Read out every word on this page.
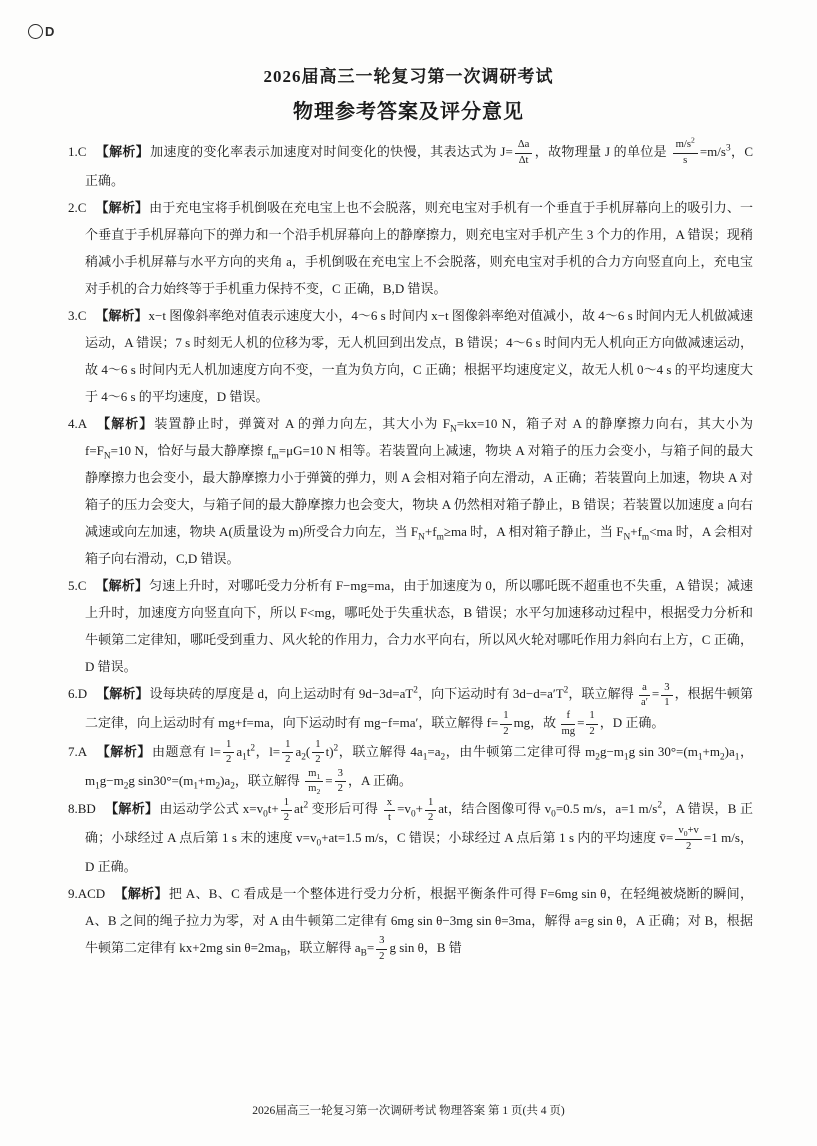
D
2026届高三一轮复习第一次调研考试
物理参考答案及评分意见

1.C 【解析】加速度的变化率表示加速度对时间变化的快慢，其表达式为 $J= \frac{\Delta a}{\Delta t}$ ，故物理量 J 的单位是 $\frac{m/s^2}{s} =m/s^3$，C 正确。

2.C 【解析】由于充电宝将手机倒吸在充电宝上也不会脱落，则充电宝对手机有一个垂直于手机屏幕向上的吸引力、一个垂直于手机屏幕向下的弹力和一个沿手机屏幕向上的静摩擦力，则充电宝对手机产生 3 个力的作用，A 错误；现稍稍减小手机屏幕与水平方向的夹角 a，手机倒吸在充电宝上不会脱落，则充电宝对手机的合力方向竖直向上，充电宝对手机的合力始终等于手机重力保持不变，C 正确，B,D 错误。

3.C 【解析】x−t 图像斜率绝对值表示速度大小，4～6 s 时间内 x−t 图像斜率绝对值减小，故 4～6 s 时间内无人机做减速运动，A 错误；7 s 时刻无人机的位移为零，无人机回到出发点，B 错误；4～6 s 时间内无人机向正方向做减速运动，故 4～6 s 时间内无人机加速度方向不变，一直为负方向，C 正确；根据平均速度定义，故无人机 0～4 s 的平均速度大于 4～6 s 的平均速度，D 错误。

4.A 【解析】装置静止时，弹簧对 A 的弹力向左，其大小为 $F_N=kx=10$ N，箱子对 A 的静摩擦力向右，其大小为 $f=F_N=10$ N，恰好与最大静摩擦 $f_m=\mu G=10$ N 相等。若装置向上减速，物块 A 对箱子的压力会变小，与箱子间的最大静摩擦力也会变小，最大静摩擦力小于弹簧的弹力，则 A 会相对箱子向左滑动，A 正确；若装置向上加速，物块 A 对箱子的压力会变大，与箱子间的最大静摩擦力也会变大，物块 A 仍然相对箱子静止，B 错误；若装置以加速度 a 向右减速或向左加速，物块 A(质量设为 m)所受合力向左，当 $F_N+f_m\ge ma$ 时，A 相对箱子静止，当 $F_N+f_m<ma$ 时，A 会相对箱子向右滑动，C,D 错误。

5.C 【解析】匀速上升时，对哪吒受力分析有 F−mg=ma，由于加速度为 0，所以哪吒既不超重也不失重，A 错误；减速上升时，加速度方向竖直向下，所以 F<mg，哪吒处于失重状态，B 错误；水平匀加速移动过程中，根据受力分析和牛顿第二定律知，哪吒受到重力、风火轮的作用力，合力水平向右，所以风火轮对哪吒作用力斜向右上方，C 正确，D 错误。

6.D 【解析】设每块砖的厚度是 d，向上运动时有 $9d-3d=aT^2$，向下运动时有 $3d-d=a'T^2$，联立解得 $\frac{a}{a'} = \frac{3}{1}$ ，根据牛顿第二定律，向上运动时有 mg+f=ma，向下运动时有 mg−f=ma′，联立解得 $f= \frac{1}{2}$ mg，故 $\frac{f}{mg} = \frac{1}{2}$ ，D 正确。

7.A 【解析】由题意有 $l= \frac{1}{2} a_1t^2$，$l= \frac{1}{2} a_2( \frac{1}{2} t)^2$，联立解得 $4a_1=a_2$，由牛顿第二定律可得 $m_2g-m_1g$ $\sin 30^\circ=(m_1+m_2)a_1$，$m_1g-m_2g$ $\sin 30^\circ=(m_1+m_2)a_2$，联立解得 $\frac{m_1}{m_2} = \frac{3}{2}$ ，A 正确。

8.BD 【解析】由运动学公式 $x=v_0t+ \frac{1}{2} at^2$ 变形后可得 $\frac{x}{t} =v_0+ \frac{1}{2}$ at，结合图像可得 $v_0=0.5$ m/s，a=1 $m/s^2$，A 错误，B 正确；小球经过 A 点后第 1 s 末的速度 $v=v_0+at=1.5$ m/s，C 错误；小球经过 A 点后第 1 s 内的平均速度 v̄= $\frac{v_0+v}{2} =1$ m/s，D 正确。

9.ACD 【解析】把 A、B、C 看成是一个整体进行受力分析，根据平衡条件可得 F=6mg sin θ，在轻绳被烧断的瞬间，A、B 之间的绳子拉力为零，对 A 由牛顿第二定律有 6mg sin θ−3mg sin θ=3ma，解得 a=g sin θ，A 正确；对 B，根据牛顿第二定律有 kx+2mg $\sin \theta=2ma_B$，联立解得 $a_B= \frac{3}{2}$ g sin θ，B 错

2026届高三一轮复习第一次调研考试 物理答案 第 1 页(共 4 页)
